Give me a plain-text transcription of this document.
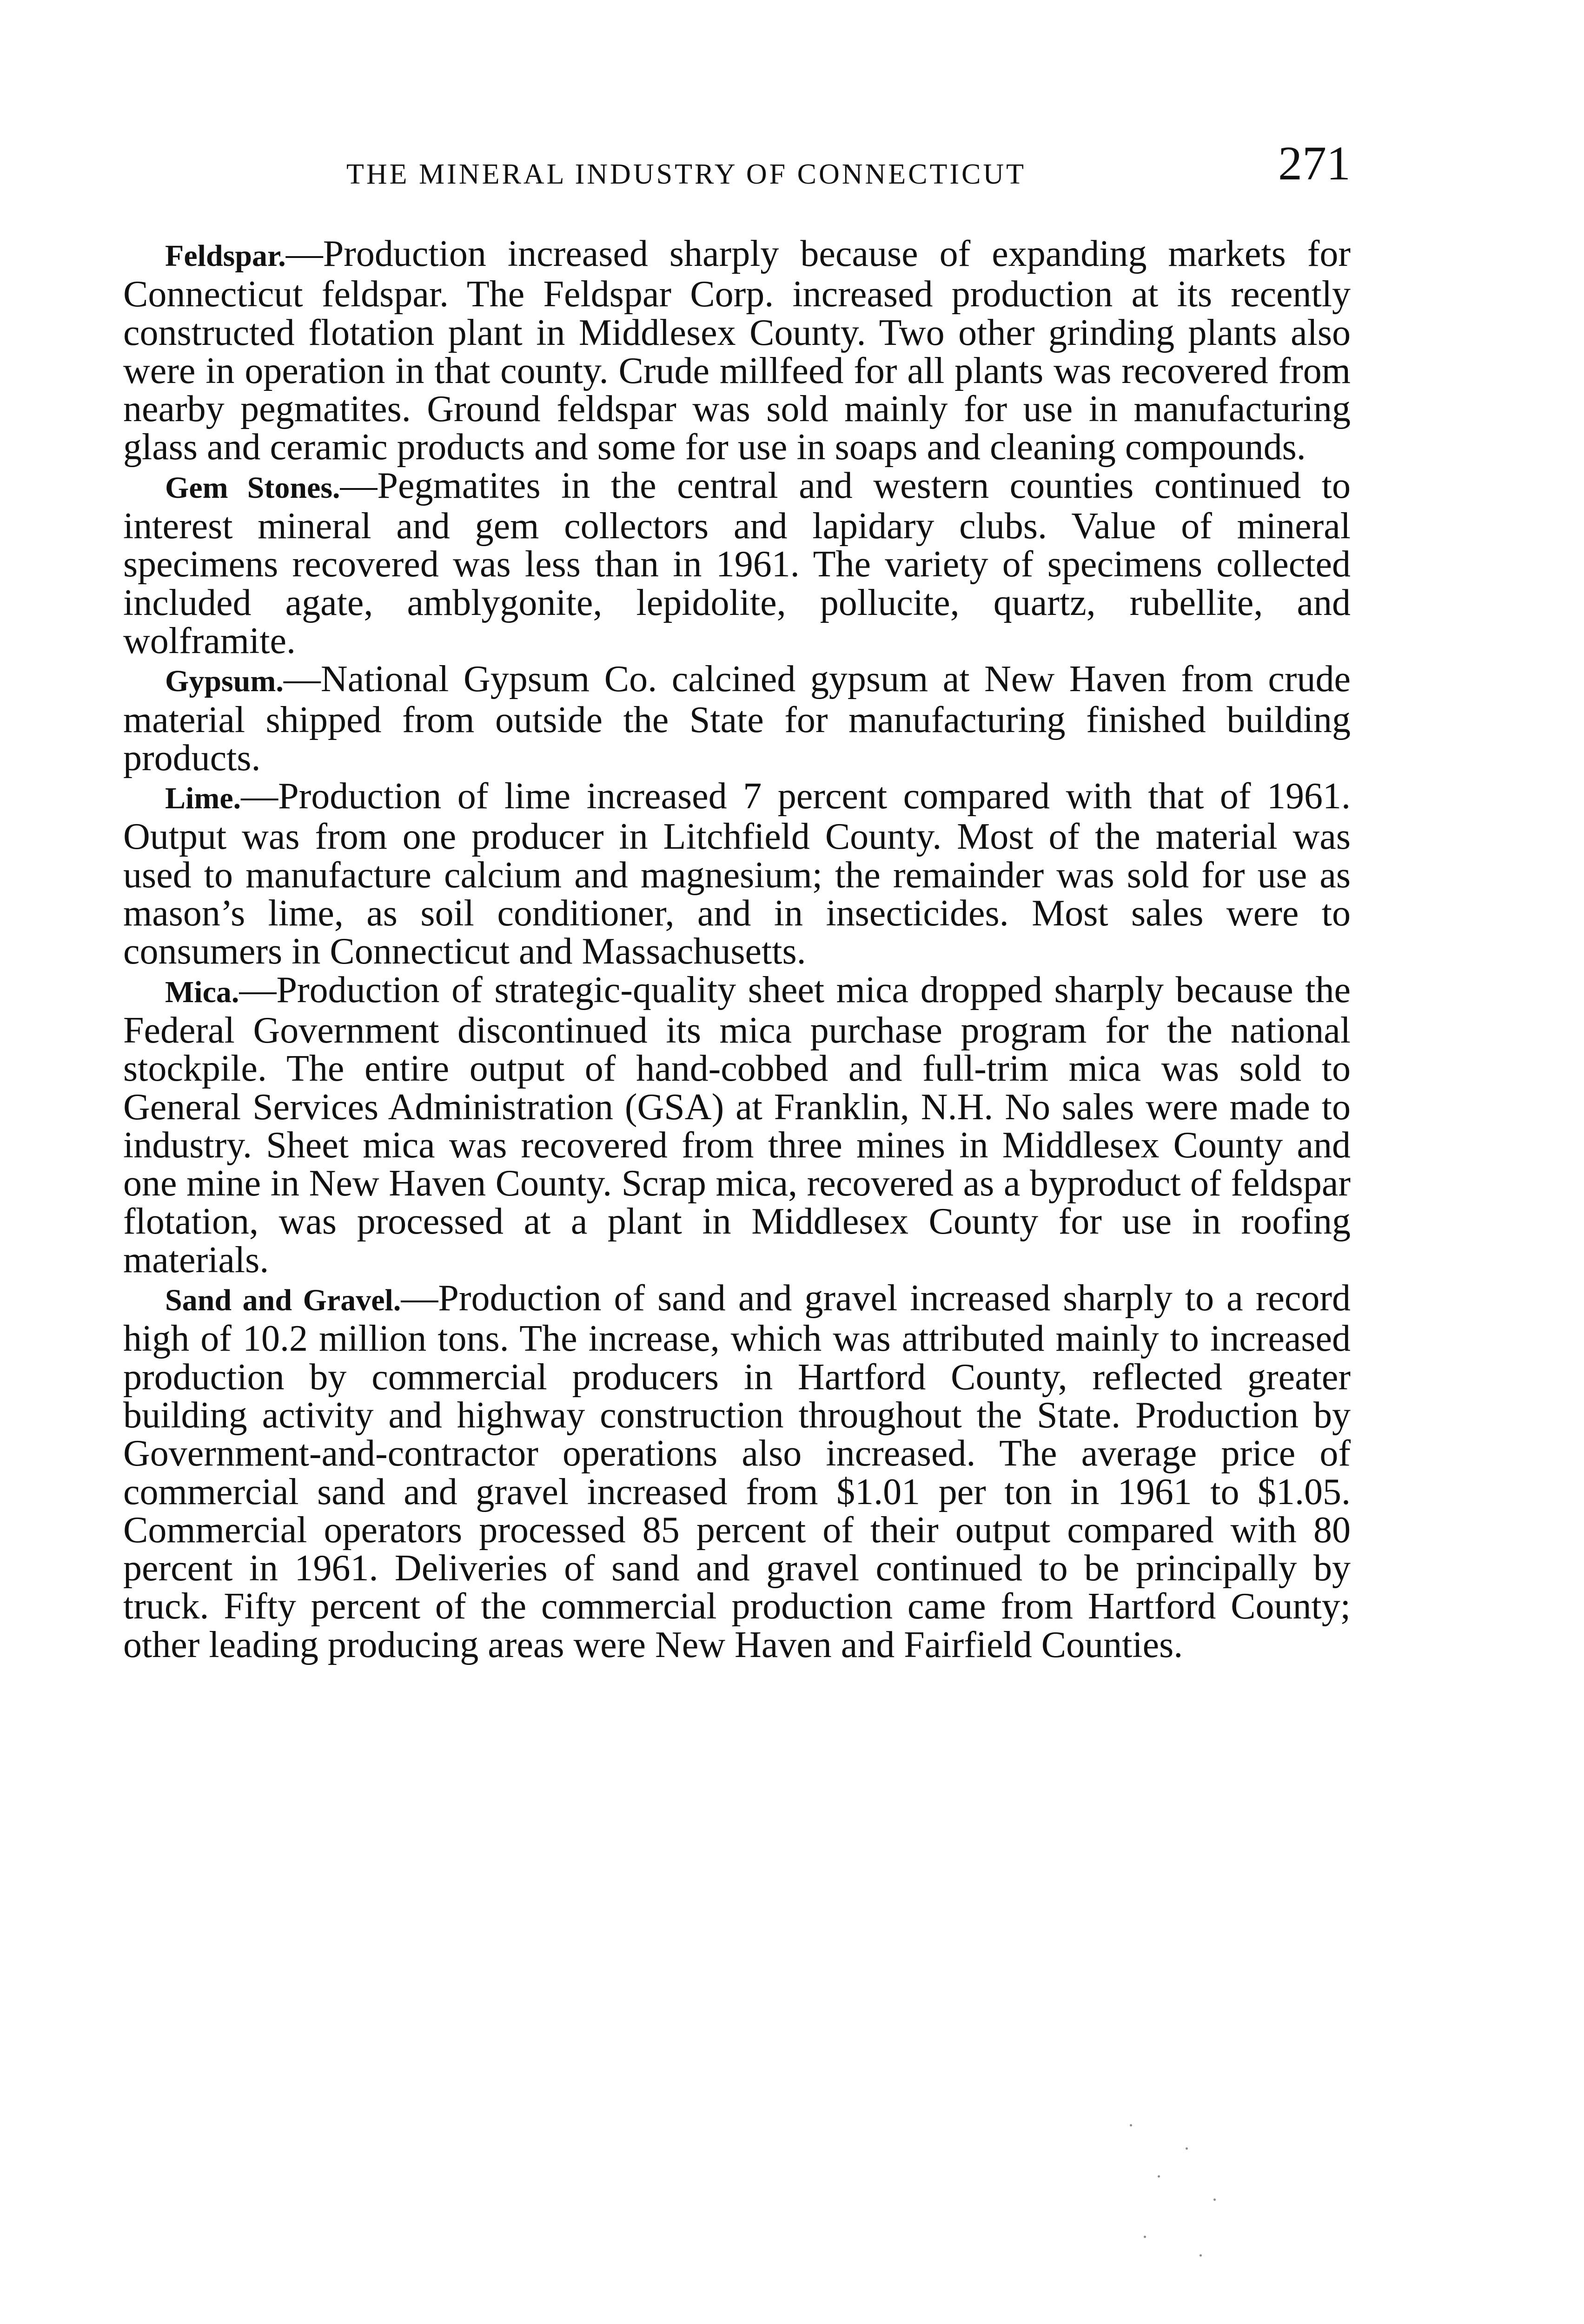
THE MINERAL INDUSTRY OF CONNECTICUT	271

Feldspar.—Production increased sharply because of expanding markets for Connecticut feldspar. The Feldspar Corp. increased production at its recently constructed flotation plant in Middlesex County. Two other grinding plants also were in operation in that county. Crude millfeed for all plants was recovered from nearby pegmatites. Ground feldspar was sold mainly for use in manufacturing glass and ceramic products and some for use in soaps and cleaning compounds.

Gem Stones.—Pegmatites in the central and western counties continued to interest mineral and gem collectors and lapidary clubs. Value of mineral specimens recovered was less than in 1961. The variety of specimens collected included agate, amblygonite, lepidolite, pollucite, quartz, rubellite, and wolframite.

Gypsum.—National Gypsum Co. calcined gypsum at New Haven from crude material shipped from outside the State for manufacturing finished building products.

Lime.—Production of lime increased 7 percent compared with that of 1961. Output was from one producer in Litchfield County. Most of the material was used to manufacture calcium and magnesium; the remainder was sold for use as mason’s lime, as soil conditioner, and in insecticides. Most sales were to consumers in Connecticut and Massachusetts.

Mica.—Production of strategic-quality sheet mica dropped sharply because the Federal Government discontinued its mica purchase program for the national stockpile. The entire output of hand-cobbed and full-trim mica was sold to General Services Administration (GSA) at Franklin, N.H. No sales were made to industry. Sheet mica was recovered from three mines in Middlesex County and one mine in New Haven County. Scrap mica, recovered as a byproduct of feldspar flotation, was processed at a plant in Middlesex County for use in roofing materials.

Sand and Gravel.—Production of sand and gravel increased sharply to a record high of 10.2 million tons. The increase, which was attributed mainly to increased production by commercial producers in Hartford County, reflected greater building activity and highway construction throughout the State. Production by Government-and-contractor operations also increased. The average price of commercial sand and gravel increased from $1.01 per ton in 1961 to $1.05. Commercial operators processed 85 percent of their output compared with 80 percent in 1961. Deliveries of sand and gravel continued to be principally by truck. Fifty percent of the commercial production came from Hartford County; other leading producing areas were New Haven and Fairfield Counties.
